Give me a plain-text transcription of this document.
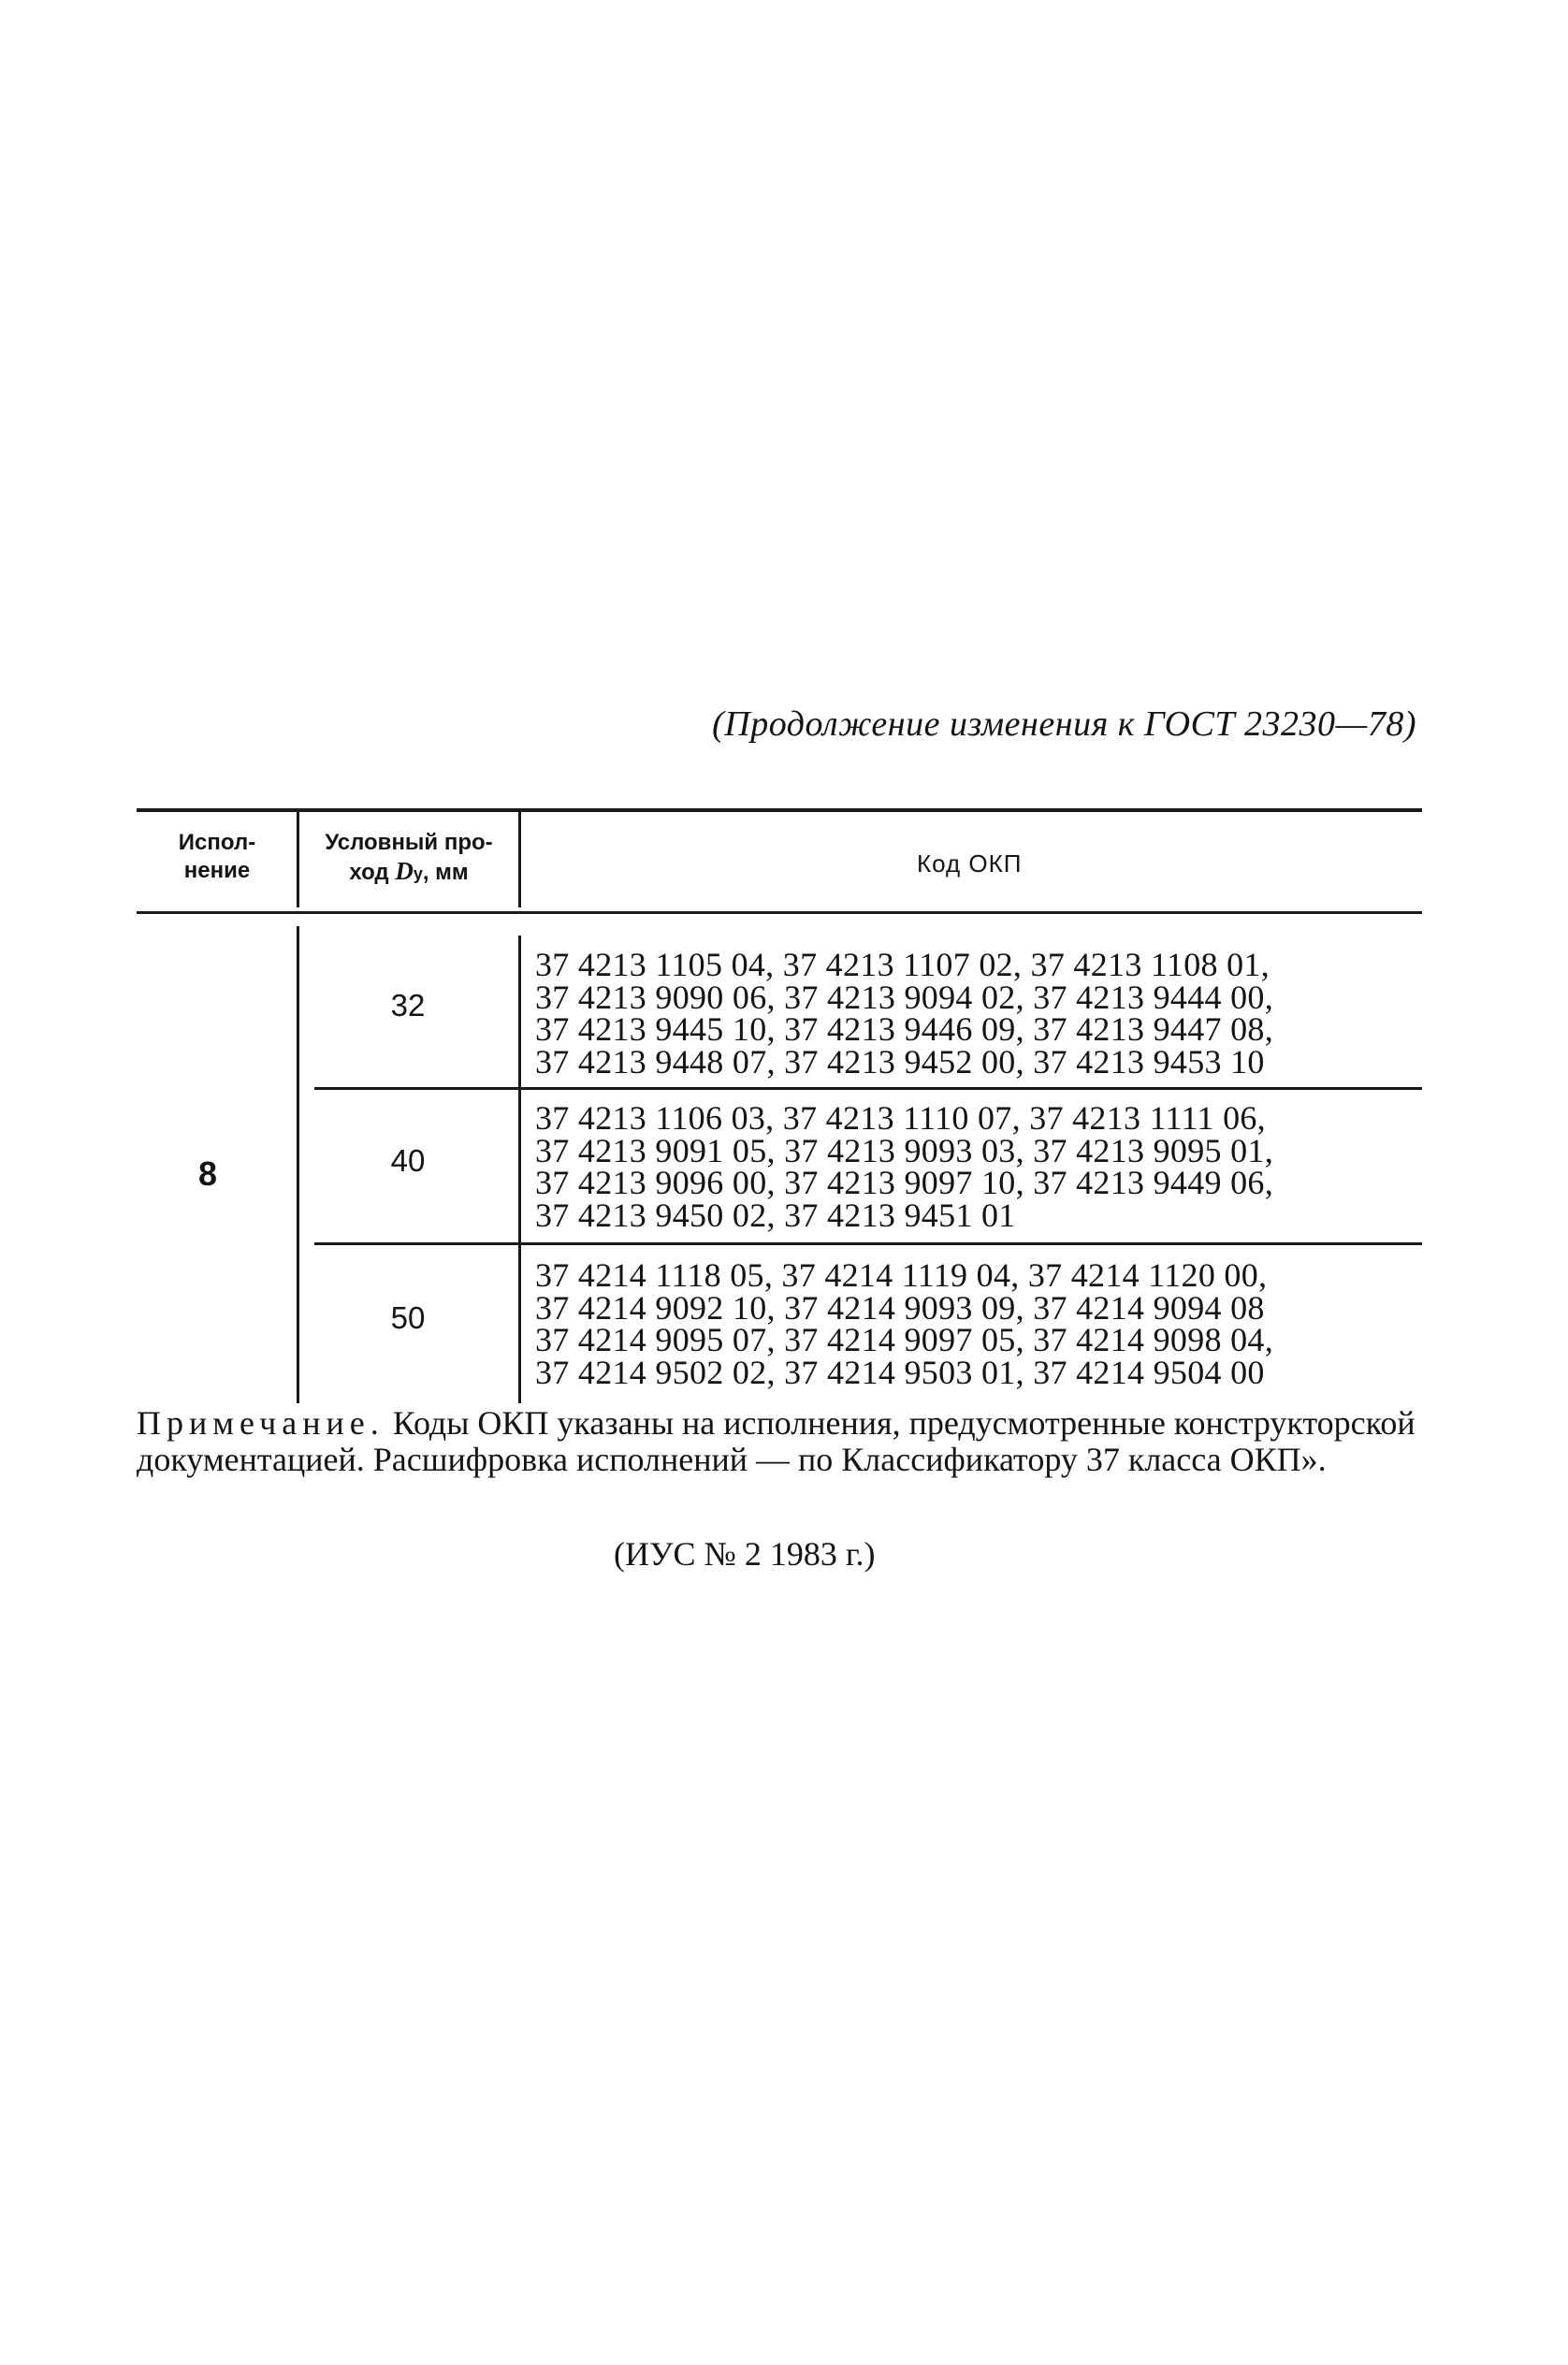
(Продолжение изменения к ГОСТ 23230—78)
Испол-
нение
Условный про-
ход Dу, мм	Код ОКП
8
32
40
50
37 4213 1105 04, 37 4213 1107 02, 37 4213 1108 01,
37 4213 9090 06, 37 4213 9094 02, 37 4213 9444 00,
37 4213 9445 10, 37 4213 9446 09, 37 4213 9447 08,
37 4213 9448 07, 37 4213 9452 00, 37 4213 9453 10
37 4213 1106 03, 37 4213 1110 07, 37 4213 1111 06,
37 4213 9091 05, 37 4213 9093 03, 37 4213 9095 01,
37 4213 9096 00, 37 4213 9097 10, 37 4213 9449 06,
37 4213 9450 02, 37 4213 9451 01
37 4214 1118 05, 37 4214 1119 04, 37 4214 1120 00,
37 4214 9092 10, 37 4214 9093 09, 37 4214 9094 08
37 4214 9095 07, 37 4214 9097 05, 37 4214 9098 04,
37 4214 9502 02, 37 4214 9503 01, 37 4214 9504 00
Примечание. Коды ОКП указаны на исполнения, предусмотренные конструкторской документацией. Расшифровка исполнений — по Классификатору 37 класса ОКП».
(ИУС № 2 1983 г.)
